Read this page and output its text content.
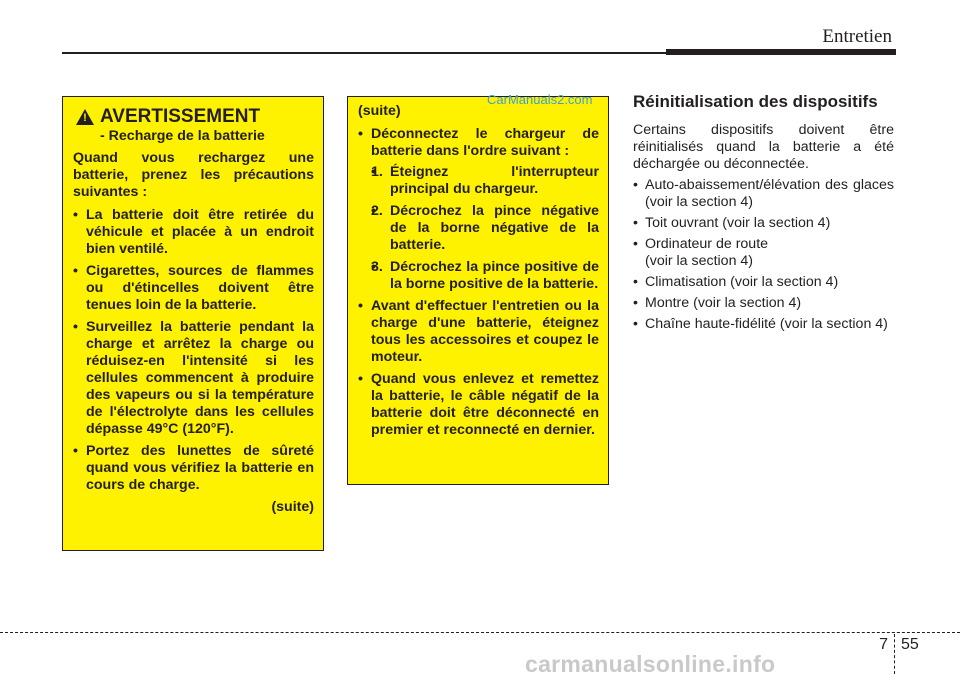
Entretien
! AVERTISSEMENT
- Recharge de la batterie

Quand vous rechargez une batterie, prenez les précautions suivantes :

• La batterie doit être retirée du véhicule et placée à un endroit bien ventilé.
• Cigarettes, sources de flammes ou d'étincelles doivent être tenues loin de la batterie.
• Surveillez la batterie pendant la charge et arrêtez la charge ou réduisez-en l'intensité si les cellules commencent à produire des vapeurs ou si la température de l'électrolyte dans les cellules dépasse 49°C (120°F).
• Portez des lunettes de sûreté quand vous vérifiez la batterie en cours de charge.

(suite)

(suite)

• Déconnectez le chargeur de batterie dans l'ordre suivant :
• 1. Éteignez l'interrupteur principal du chargeur.
• 2. Décrochez la pince négative de la borne négative de la batterie.
• 3. Décrochez la pince positive de la borne positive de la batterie.
• Avant d'effectuer l'entretien ou la charge d'une batterie, éteignez tous les accessoires et coupez le moteur.
• Quand vous enlevez et remettez la batterie, le câble négatif de la batterie doit être déconnecté en premier et reconnecté en dernier.
CarManuals2.com Réinitialisation des dispositifs

Certains dispositifs doivent être réinitialisés quand la batterie a été déchargée ou déconnectée.

• Auto-abaissement/élévation des glaces (voir la section 4)
• Toit ouvrant (voir la section 4)
• Ordinateur de route
(voir la section 4)
• Climatisation (voir la section 4)
• Montre (voir la section 4)
• Chaîne haute-fidélité (voir la section 4)
7 55
carmanualsonline.info
